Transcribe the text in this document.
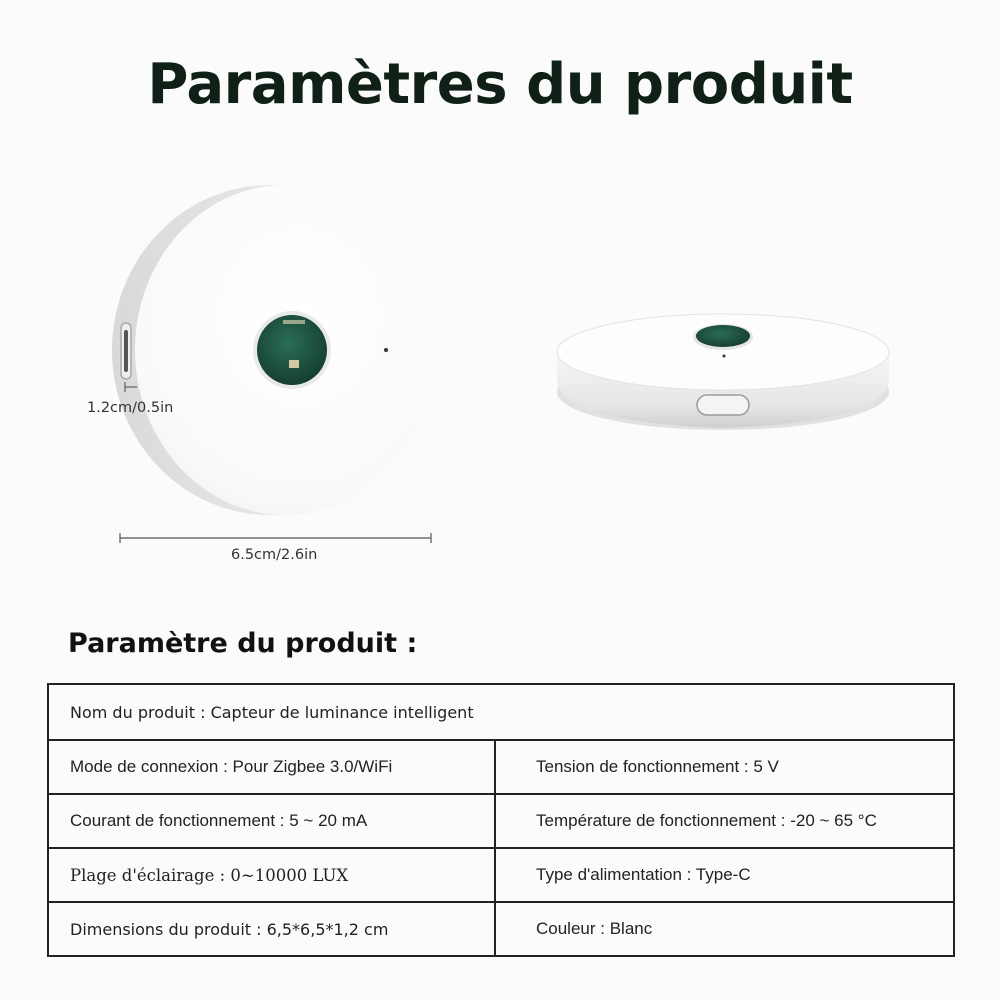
Paramètres du produit
1.2cm/0.5in
6.5cm/2.6in
Paramètre du produit :
Nom du produit : Capteur de luminance intelligent	
Mode de connexion : Pour Zigbee 3.0/WiFi	Tension de fonctionnement : 5 V
Courant de fonctionnement : 5 ~ 20 mA	Température de fonctionnement : -20 ~ 65 °C
Plage d'éclairage : 0~10000 LUX	Type d'alimentation : Type-C
Dimensions du produit : 6,5*6,5*1,2 cm	Couleur : Blanc
